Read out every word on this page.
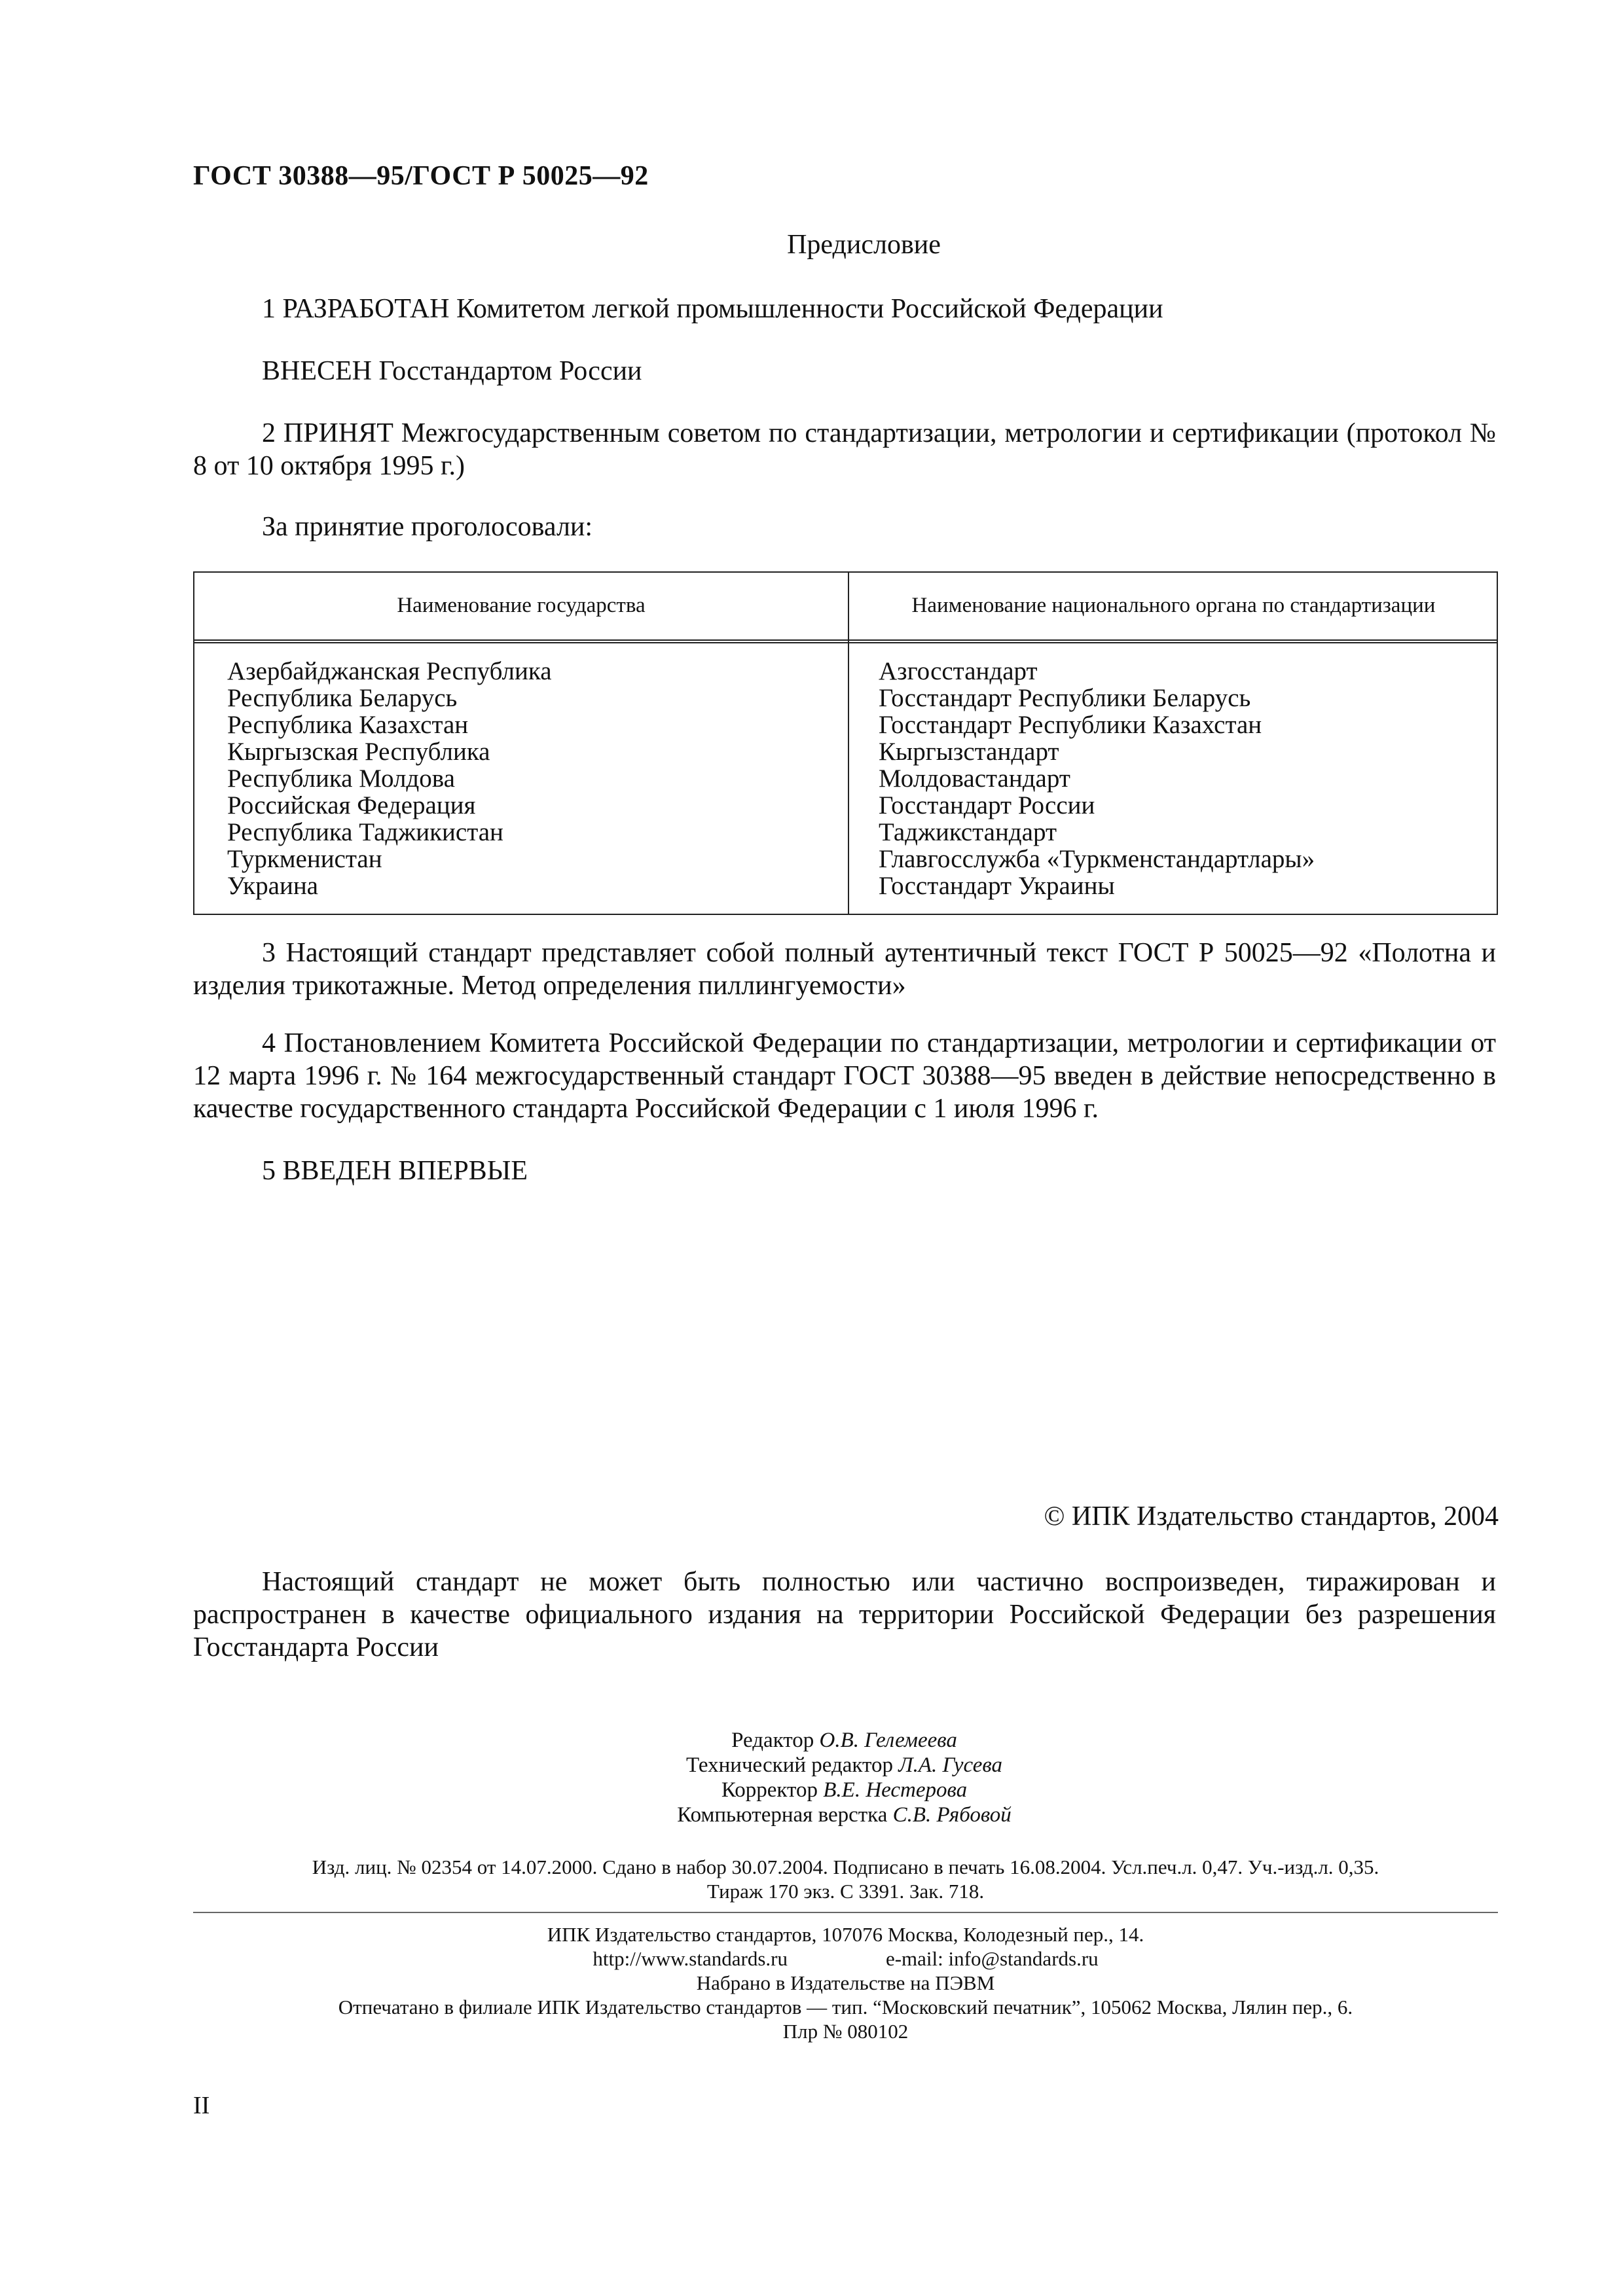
ГОСТ 30388—95/ГОСТ Р 50025—92
Предисловие
1 РАЗРАБОТАН Комитетом легкой промышленности Российской Федерации
ВНЕСЕН Госстандартом России
2 ПРИНЯТ Межгосударственным советом по стандартизации, метрологии и сертификации (протокол № 8 от 10 октября 1995 г.)
За принятие проголосовали:
Наименование государства	Наименование национального органа по стандартизации
Азербайджанская Республика
Республика Беларусь
Республика Казахстан
Кыргызская Республика
Республика Молдова
Российская Федерация
Республика Таджикистан
Туркменистан
Украина
Азгосстандарт
Госстандарт Республики Беларусь
Госстандарт Республики Казахстан
Кыргызстандарт
Молдовастандарт
Госстандарт России
Таджикстандарт
Главгосслужба «Туркменстандартлары»
Госстандарт Украины
3 Настоящий стандарт представляет собой полный аутентичный текст ГОСТ Р 50025—92 «Полотна и изделия трикотажные. Метод определения пиллингуемости»
4 Постановлением Комитета Российской Федерации по стандартизации, метрологии и сертификации от 12 марта 1996 г. № 164 межгосударственный стандарт ГОСТ 30388—95 введен в действие непосредственно в качестве государственного стандарта Российской Федерации с 1 июля 1996 г.
5 ВВЕДЕН ВПЕРВЫЕ
© ИПК Издательство стандартов, 2004
Настоящий стандарт не может быть полностью или частично воспроизведен, тиражирован и распространен в качестве официального издания на территории Российской Федерации без разрешения Госстандарта России
Редактор О.В. Гелемеева
Технический редактор Л.А. Гусева
Корректор В.Е. Нестерова
Компьютерная верстка С.В. Рябовой
Изд. лиц. № 02354 от 14.07.2000. Сдано в набор 30.07.2004. Подписано в печать 16.08.2004. Усл.печ.л. 0,47. Уч.-изд.л. 0,35.
Тираж 170 экз. С 3391. Зак. 718.
ИПК Издательство стандартов, 107076 Москва, Колодезный пер., 14.
http://www.standards.ru	e-mail: info@standards.ru
Набрано в Издательстве на ПЭВМ
Отпечатано в филиале ИПК Издательство стандартов — тип. “Московский печатник”, 105062 Москва, Лялин пер., 6.
Плр № 080102
II
